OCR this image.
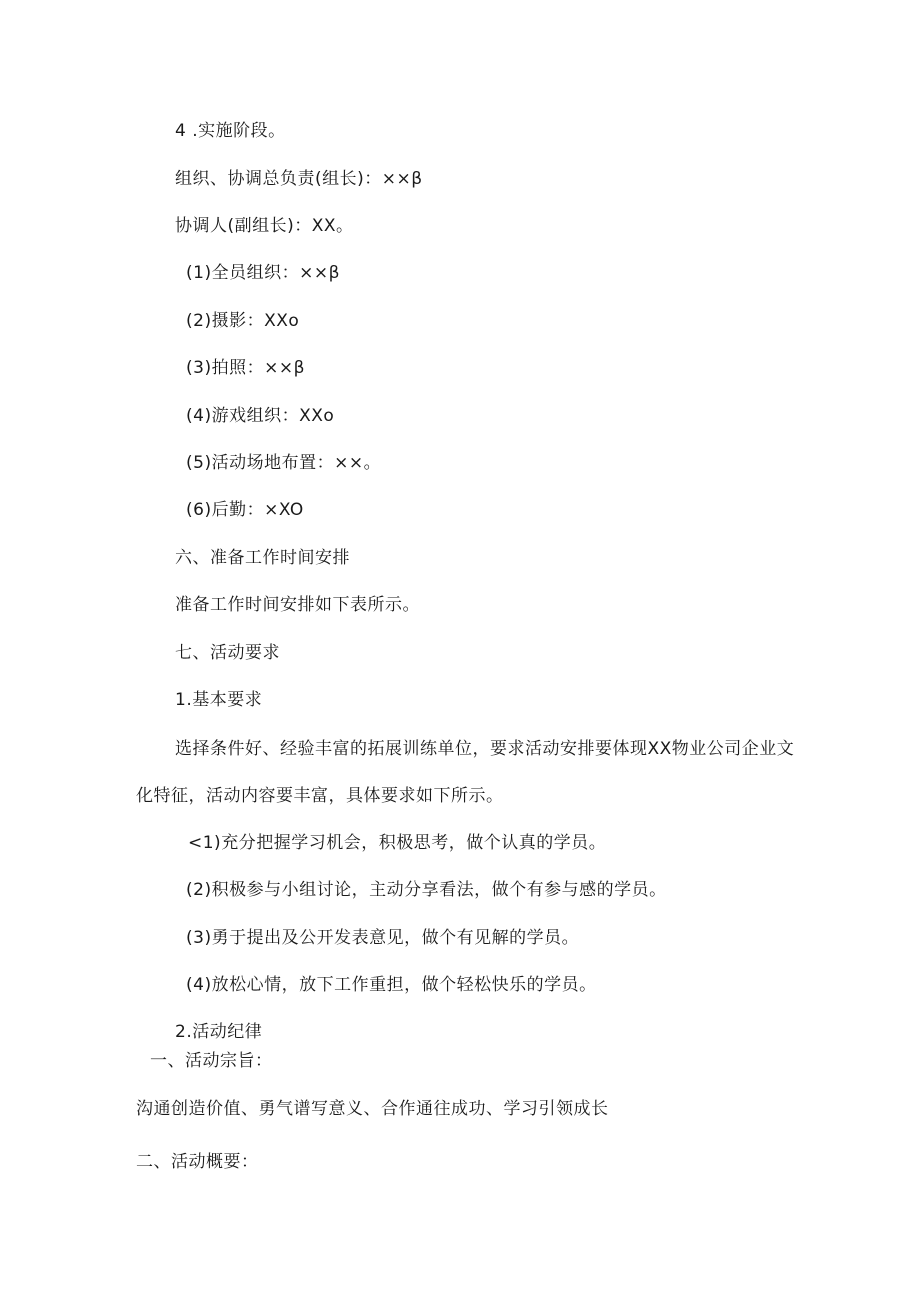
4 .实施阶段。
组织、协调总负责(组长)：××β
协调人(副组长)：XX。
(1)全员组织：××β
(2)摄影：XXo
(3)拍照：××β
(4)游戏组织：XXo
(5)活动场地布置：××。
(6)后勤：×XO
六、准备工作时间安排
准备工作时间安排如下表所示。
七、活动要求
1.基本要求
选择条件好、经验丰富的拓展训练单位，要求活动安排要体现XX物业公司企业文
化特征，活动内容要丰富，具体要求如下所示。
<1)充分把握学习机会，积极思考，做个认真的学员。
(2)积极参与小组讨论，主动分享看法，做个有参与感的学员。
(3)勇于提出及公开发表意见，做个有见解的学员。
(4)放松心情，放下工作重担，做个轻松快乐的学员。
2.活动纪律
一、活动宗旨：
沟通创造价值、勇气谱写意义、合作通往成功、学习引领成长
二、活动概要：
